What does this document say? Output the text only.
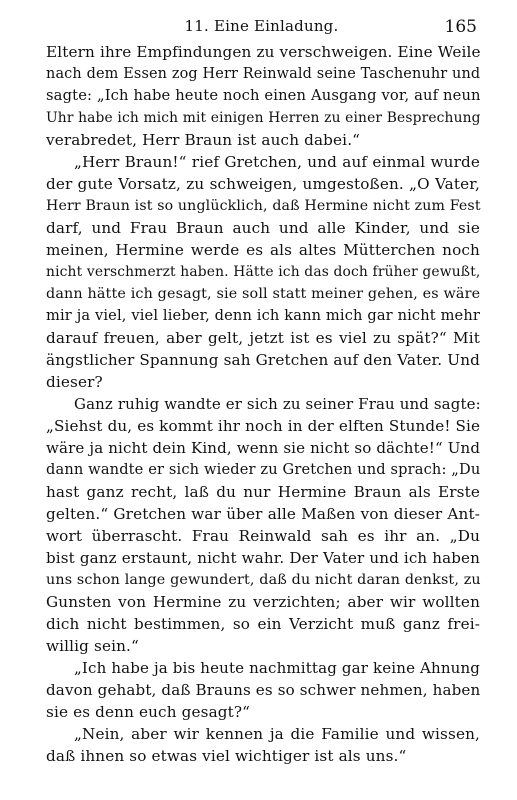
11. Eine Einladung.	165
Eltern ihre Empfindungen zu verschweigen. Eine Weile
nach dem Essen zog Herr Reinwald seine Taschenuhr und
sagte: „Ich habe heute noch einen Ausgang vor, auf neun
Uhr habe ich mich mit einigen Herren zu einer Besprechung
verabredet, Herr Braun ist auch dabei.“
„Herr Braun!“ rief Gretchen, und auf einmal wurde
der gute Vorsatz, zu schweigen, umgestoßen. „O Vater,
Herr Braun ist so unglücklich, daß Hermine nicht zum Fest
darf, und Frau Braun auch und alle Kinder, und sie
meinen, Hermine werde es als altes Mütterchen noch
nicht verschmerzt haben. Hätte ich das doch früher gewußt,
dann hätte ich gesagt, sie soll statt meiner gehen, es wäre
mir ja viel, viel lieber, denn ich kann mich gar nicht mehr
darauf freuen, aber gelt, jetzt ist es viel zu spät?“ Mit
ängstlicher Spannung sah Gretchen auf den Vater. Und
dieser?
Ganz ruhig wandte er sich zu seiner Frau und sagte:
„Siehst du, es kommt ihr noch in der elften Stunde! Sie
wäre ja nicht dein Kind, wenn sie nicht so dächte!“ Und
dann wandte er sich wieder zu Gretchen und sprach: „Du
hast ganz recht, laß du nur Hermine Braun als Erste
gelten.“ Gretchen war über alle Maßen von dieser Ant-
wort überrascht. Frau Reinwald sah es ihr an. „Du
bist ganz erstaunt, nicht wahr. Der Vater und ich haben
uns schon lange gewundert, daß du nicht daran denkst, zu
Gunsten von Hermine zu verzichten; aber wir wollten
dich nicht bestimmen, so ein Verzicht muß ganz frei-
willig sein.“
„Ich habe ja bis heute nachmittag gar keine Ahnung
davon gehabt, daß Brauns es so schwer nehmen, haben
sie es denn euch gesagt?“
„Nein, aber wir kennen ja die Familie und wissen,
daß ihnen so etwas viel wichtiger ist als uns.“
